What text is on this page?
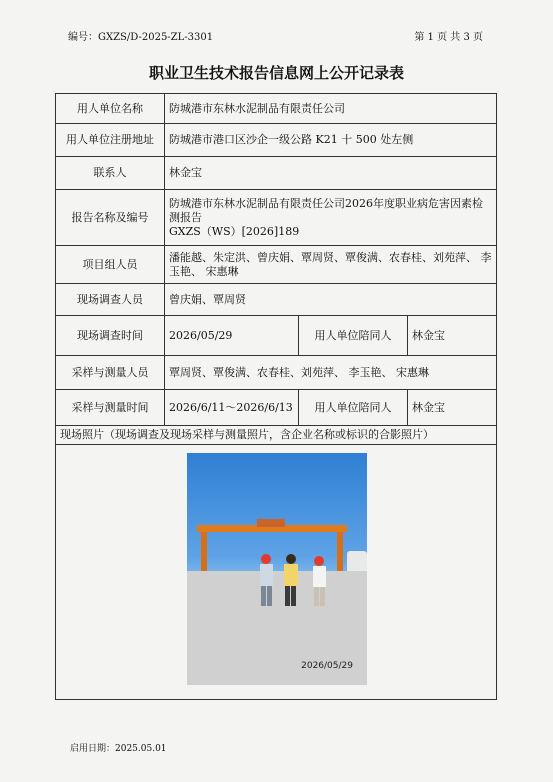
编号：GXZS/D-2025-ZL-3301	第 1 页 共 3 页
职业卫生技术报告信息网上公开记录表
用人单位名称	防城港市东林水泥制品有限责任公司		
用人单位注册地址	防城港市港口区沙企一级公路 K21 十 500 处左侧		
联系人	林金宝		
报告名称及编号	防城港市东林水泥制品有限责任公司2026年度职业病危害因素检测报告
GXZS（WS）[2026]189		

项目组人员	潘能越、朱定洪、曾庆娟、覃周贤、覃俊满、农春桂、刘苑萍、 李玉艳、 宋惠琳		
现场调查人员	曾庆娟、覃周贤		
现场调查时间	2026/05/29	用人单位陪同人	林金宝
采样与测量人员	覃周贤、覃俊满、农春桂、刘苑萍、 李玉艳、 宋惠琳		
采样与测量时间	2026/6/11～2026/6/13	用人单位陪同人	林金宝
现场照片（现场调查及现场采样与测量照片，含企业名称或标识的合影照片）			

2026/05/29			
启用日期：2025.05.01
